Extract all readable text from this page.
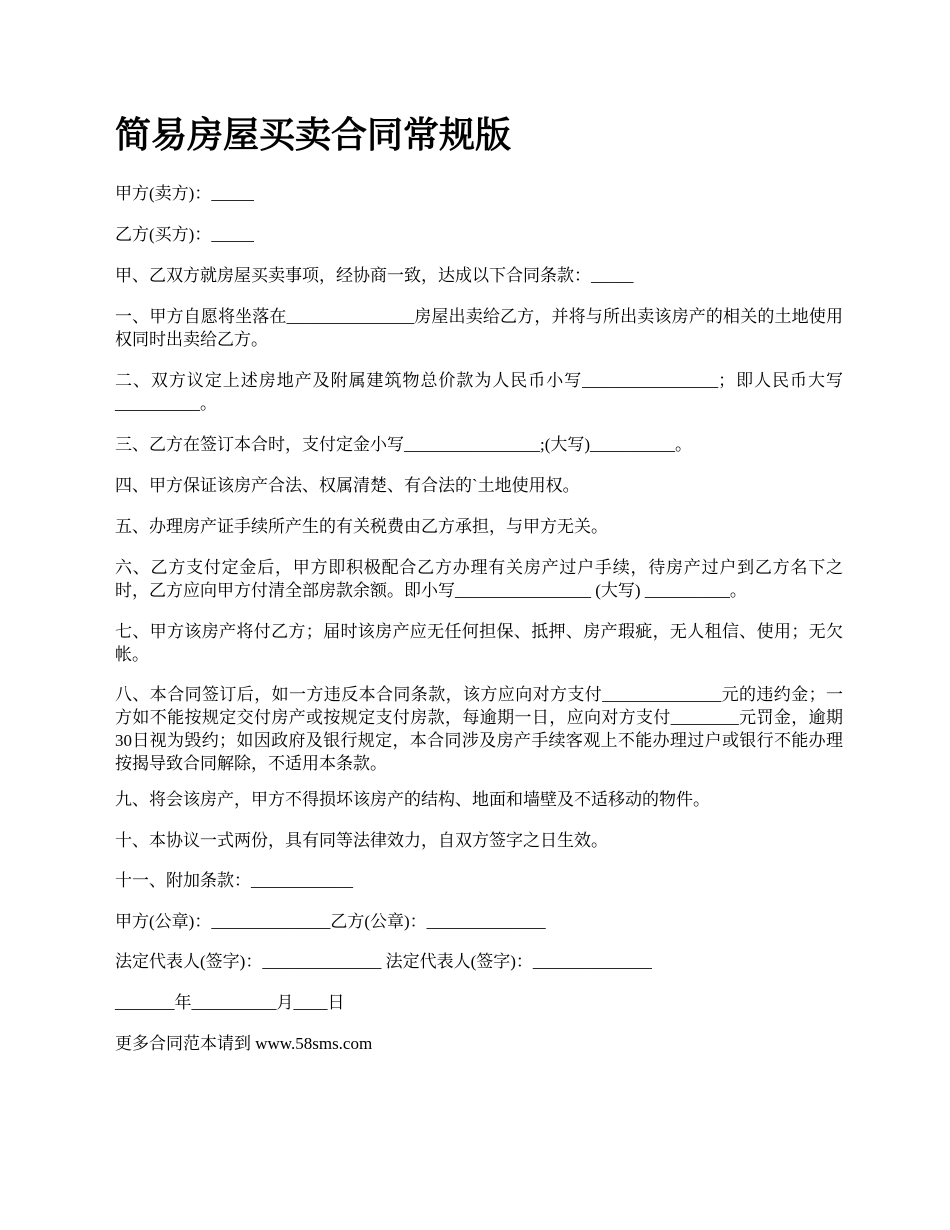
简易房屋买卖合同常规版

甲方(卖方)：_____

乙方(买方)：_____

甲、乙双方就房屋买卖事项，经协商一致，达成以下合同条款：_____

一、甲方自愿将坐落在_______________房屋出卖给乙方，并将与所出卖该房产的相关的土地使用权同时出卖给乙方。

二、双方议定上述房地产及附属建筑物总价款为人民币小写________________；即人民币大写__________。

三、乙方在签订本合时，支付定金小写________________;(大写)__________。

四、甲方保证该房产合法、权属清楚、有合法的`土地使用权。

五、办理房产证手续所产生的有关税费由乙方承担，与甲方无关。

六、乙方支付定金后，甲方即积极配合乙方办理有关房产过户手续，待房产过户到乙方名下之时，乙方应向甲方付清全部房款余额。即小写________________ (大写) __________。

七、甲方该房产将付乙方；届时该房产应无任何担保、抵押、房产瑕疵，无人租信、使用；无欠帐。

八、本合同签订后，如一方违反本合同条款，该方应向对方支付______________元的违约金；一方如不能按规定交付房产或按规定支付房款，每逾期一日，应向对方支付________元罚金，逾期30日视为毁约；如因政府及银行规定，本合同涉及房产手续客观上不能办理过户或银行不能办理按揭导致合同解除，不适用本条款。

九、将会该房产，甲方不得损坏该房产的结构、地面和墙壁及不适移动的物件。

十、本协议一式两份，具有同等法律效力，自双方签字之日生效。

十一、附加条款：____________

甲方(公章)：______________乙方(公章)：______________

法定代表人(签字)：______________ 法定代表人(签字)：______________

_______年__________月____日

更多合同范本请到 www.58sms.com
